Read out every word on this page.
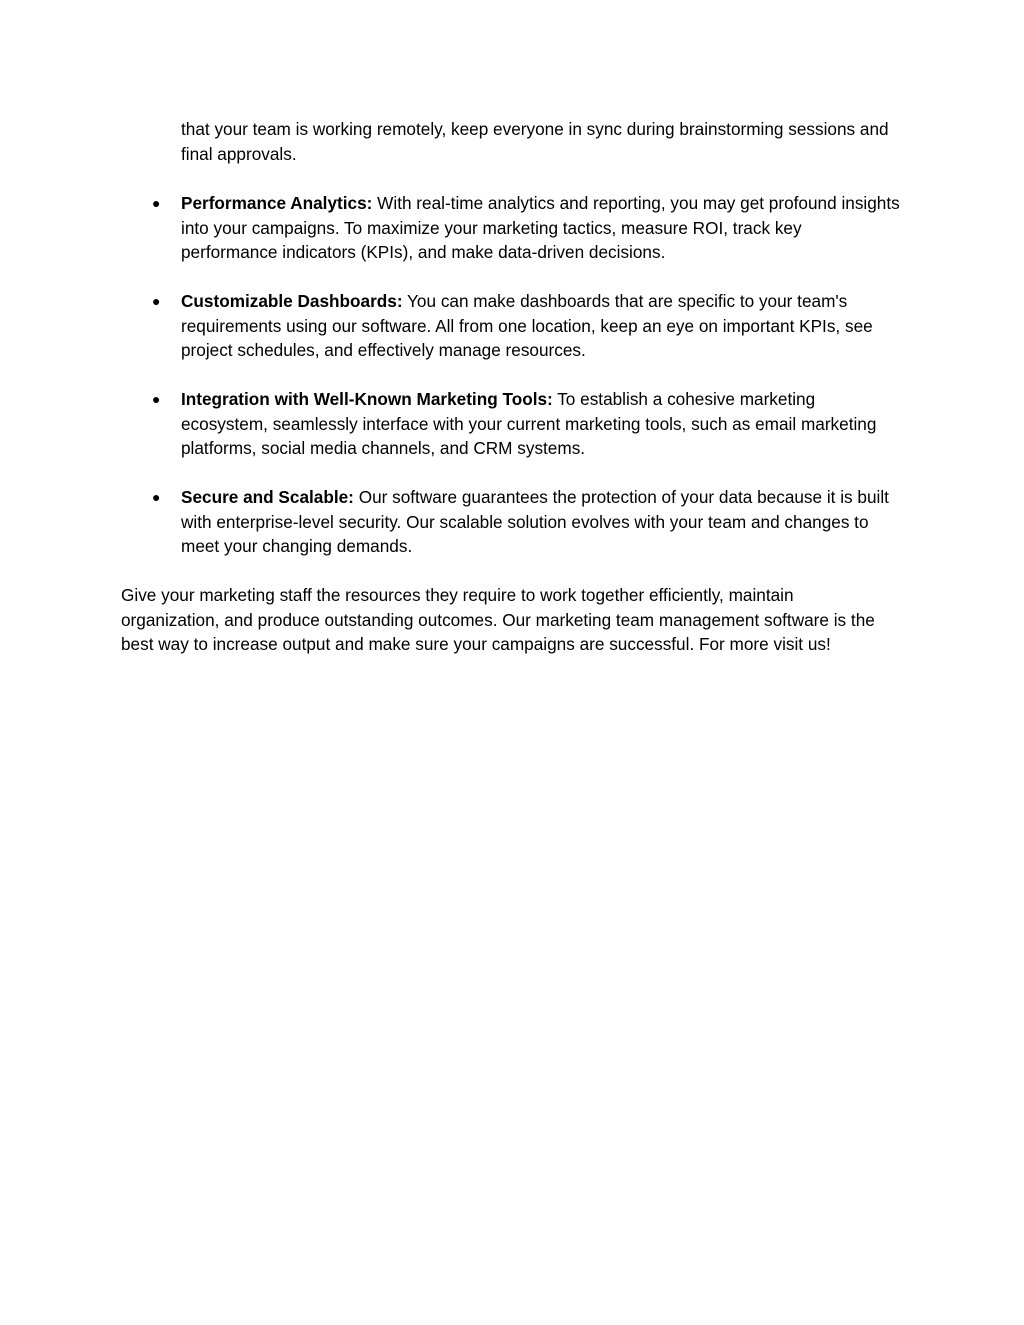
that your team is working remotely, keep everyone in sync during brainstorming sessions and final approvals.

● Performance Analytics: With real-time analytics and reporting, you may get profound insights into your campaigns. To maximize your marketing tactics, measure ROI, track key performance indicators (KPIs), and make data-driven decisions.
● Customizable Dashboards: You can make dashboards that are specific to your team's requirements using our software. All from one location, keep an eye on important KPIs, see project schedules, and effectively manage resources.
● Integration with Well-Known Marketing Tools: To establish a cohesive marketing ecosystem, seamlessly interface with your current marketing tools, such as email marketing platforms, social media channels, and CRM systems.
● Secure and Scalable: Our software guarantees the protection of your data because it is built with enterprise-level security. Our scalable solution evolves with your team and changes to meet your changing demands.

Give your marketing staff the resources they require to work together efficiently, maintain organization, and produce outstanding outcomes. Our marketing team management software is the best way to increase output and make sure your campaigns are successful. For more visit us!
